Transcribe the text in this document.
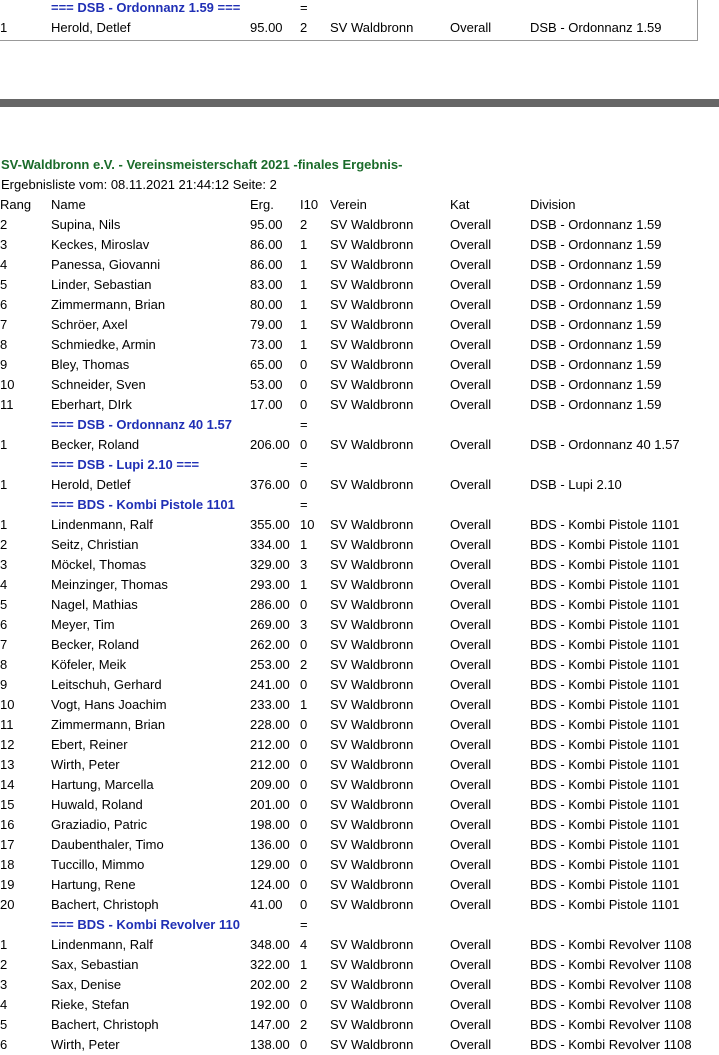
=== DSB - Ordonnanz 1.59 ===	=
1	Herold, Detlef	95.00 2 SV Waldbronn	Overall	DSB - Ordonnanz 1.59
SV-Waldbronn e.V. - Vereinsmeisterschaft 2021 -finales Ergebnis-
Ergebnisliste vom: 08.11.2021 21:44:12 Seite: 2
Rang Name	Erg. I10 Verein	Kat	Division
2	Supina, Nils	95.00 2 SV Waldbronn	Overall	DSB - Ordonnanz 1.59
3	Keckes, Miroslav	86.00 1 SV Waldbronn	Overall	DSB - Ordonnanz 1.59
4	Panessa, Giovanni	86.00 1 SV Waldbronn	Overall	DSB - Ordonnanz 1.59
5	Linder, Sebastian	83.00 1 SV Waldbronn	Overall	DSB - Ordonnanz 1.59
6	Zimmermann, Brian	80.00 1 SV Waldbronn	Overall	DSB - Ordonnanz 1.59
7	Schröer, Axel	79.00 1 SV Waldbronn	Overall	DSB - Ordonnanz 1.59
8	Schmiedke, Armin	73.00 1 SV Waldbronn	Overall	DSB - Ordonnanz 1.59
9	Bley, Thomas	65.00 0 SV Waldbronn	Overall	DSB - Ordonnanz 1.59
10	Schneider, Sven	53.00 0 SV Waldbronn	Overall	DSB - Ordonnanz 1.59
11	Eberhart, DIrk	17.00 0 SV Waldbronn	Overall	DSB - Ordonnanz 1.59
=== DSB - Ordonnanz 40 1.57	=
1	Becker, Roland	206.00 0 SV Waldbronn	Overall	DSB - Ordonnanz 40 1.57
=== DSB - Lupi 2.10 ===	=
1	Herold, Detlef	376.00 0 SV Waldbronn	Overall	DSB - Lupi 2.10
=== BDS - Kombi Pistole 1101	=
1	Lindenmann, Ralf	355.00 10 SV Waldbronn	Overall	BDS - Kombi Pistole 1101
2	Seitz, Christian	334.00 1 SV Waldbronn	Overall	BDS - Kombi Pistole 1101
3	Möckel, Thomas	329.00 3 SV Waldbronn	Overall	BDS - Kombi Pistole 1101
4	Meinzinger, Thomas	293.00 1 SV Waldbronn	Overall	BDS - Kombi Pistole 1101
5	Nagel, Mathias	286.00 0 SV Waldbronn	Overall	BDS - Kombi Pistole 1101
6	Meyer, Tim	269.00 3 SV Waldbronn	Overall	BDS - Kombi Pistole 1101
7	Becker, Roland	262.00 0 SV Waldbronn	Overall	BDS - Kombi Pistole 1101
8	Köfeler, Meik	253.00 2 SV Waldbronn	Overall	BDS - Kombi Pistole 1101
9	Leitschuh, Gerhard	241.00 0 SV Waldbronn	Overall	BDS - Kombi Pistole 1101
10	Vogt, Hans Joachim	233.00 1 SV Waldbronn	Overall	BDS - Kombi Pistole 1101
11	Zimmermann, Brian	228.00 0 SV Waldbronn	Overall	BDS - Kombi Pistole 1101
12	Ebert, Reiner	212.00 0 SV Waldbronn	Overall	BDS - Kombi Pistole 1101
13	Wirth, Peter	212.00 0 SV Waldbronn	Overall	BDS - Kombi Pistole 1101
14	Hartung, Marcella	209.00 0 SV Waldbronn	Overall	BDS - Kombi Pistole 1101
15	Huwald, Roland	201.00 0 SV Waldbronn	Overall	BDS - Kombi Pistole 1101
16	Graziadio, Patric	198.00 0 SV Waldbronn	Overall	BDS - Kombi Pistole 1101
17	Daubenthaler, Timo	136.00 0 SV Waldbronn	Overall	BDS - Kombi Pistole 1101
18	Tuccillo, Mimmo	129.00 0 SV Waldbronn	Overall	BDS - Kombi Pistole 1101
19	Hartung, Rene	124.00 0 SV Waldbronn	Overall	BDS - Kombi Pistole 1101
20	Bachert, Christoph	41.00 0 SV Waldbronn	Overall	BDS - Kombi Pistole 1101
=== BDS - Kombi Revolver 110	=
1	Lindenmann, Ralf	348.00 4 SV Waldbronn	Overall	BDS - Kombi Revolver 1108
2	Sax, Sebastian	322.00 1 SV Waldbronn	Overall	BDS - Kombi Revolver 1108
3	Sax, Denise	202.00 2 SV Waldbronn	Overall	BDS - Kombi Revolver 1108
4	Rieke, Stefan	192.00 0 SV Waldbronn	Overall	BDS - Kombi Revolver 1108
5	Bachert, Christoph	147.00 2 SV Waldbronn	Overall	BDS - Kombi Revolver 1108
6	Wirth, Peter	138.00 0 SV Waldbronn	Overall	BDS - Kombi Revolver 1108
